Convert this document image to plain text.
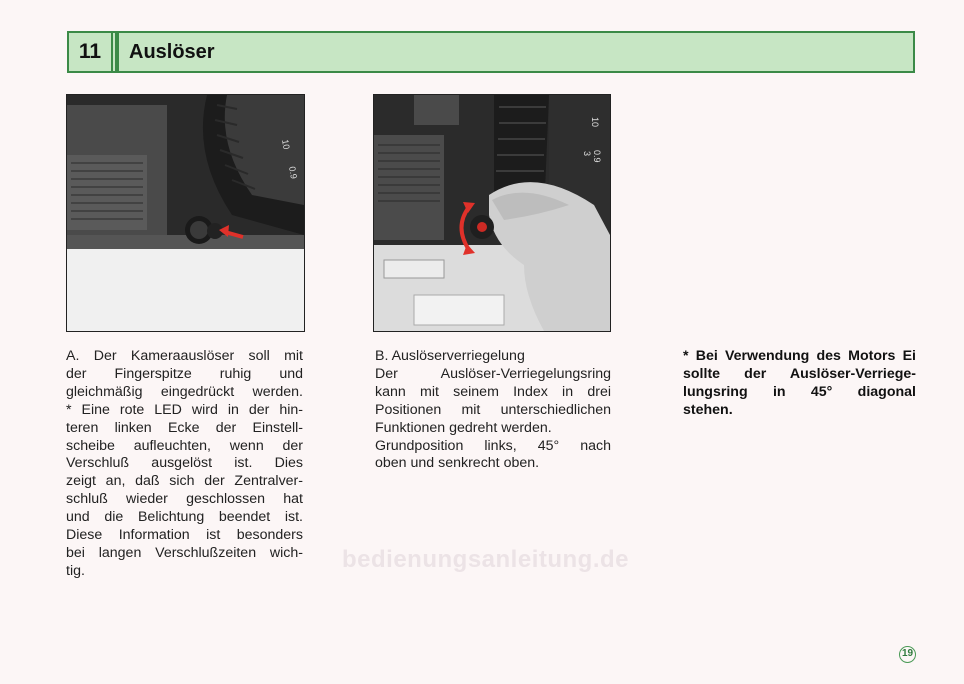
11	Auslöser
10
0.9
10
0.9
3

A. Der Kameraauslöser soll mit

der Fingerspitze ruhig und

gleichmäßig eingedrückt werden.

* Eine rote LED wird in der hin-

teren linken Ecke der Einstell-

scheibe aufleuchten, wenn der

Verschluß ausgelöst ist. Dies

zeigt an, daß sich der Zentralver-

schluß wieder geschlossen hat

und die Belichtung beendet ist.

Diese Information ist besonders

bei langen Verschlußzeiten wich-

tig.

B. Auslöserverriegelung

Der Auslöser-Verriegelungsring

kann mit seinem Index in drei

Positionen mit unterschiedlichen

Funktionen gedreht werden.

Grundposition links, 45° nach

oben und senkrecht oben.

* Bei Verwendung des Motors Ei

sollte der Auslöser-Verriege-

lungsring in 45° diagonal

stehen.

bedienungsanleitung.de
19
